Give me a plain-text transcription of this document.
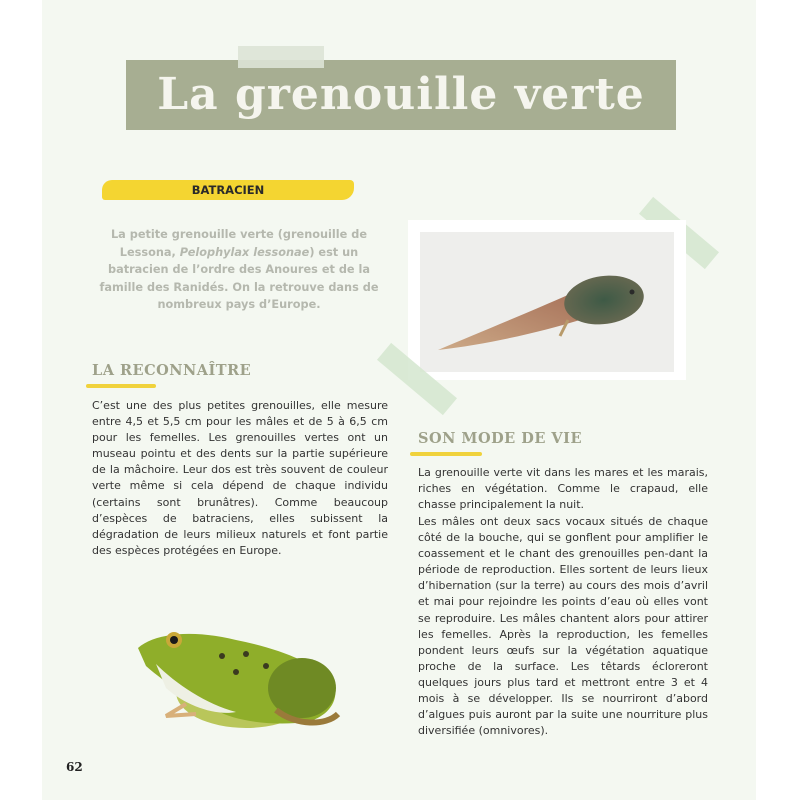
La grenouille verte
BATRACIEN
La petite grenouille verte (grenouille de Lessona, Pelophylax lessonae) est un batracien de l’ordre des Anoures et de la famille des Ranidés. On la retrouve dans de nombreux pays d’Europe.
LA RECONNAÎTRE
C’est une des plus petites grenouilles, elle mesure entre 4,5 et 5,5 cm pour les mâles et de 5 à 6,5 cm pour les femelles. Les grenouilles vertes ont un museau pointu et des dents sur la partie supérieure de la mâchoire. Leur dos est très souvent de couleur verte même si cela dépend de chaque individu (certains sont brunâtres). Comme beaucoup d’espèces de batraciens, elles subissent la dégradation de leurs milieux naturels et font partie des espèces protégées en Europe.
SON MODE DE VIE
La grenouille verte vit dans les mares et les marais, riches en végétation. Comme le crapaud, elle chasse principalement la nuit.
Les mâles ont deux sacs vocaux situés de chaque côté de la bouche, qui se gonflent pour amplifier le coassement et le chant des grenouilles pen-dant la période de reproduction. Elles sortent de leurs lieux d’hibernation (sur la terre) au cours des mois d’avril et mai pour rejoindre les points d’eau où elles vont se reproduire. Les mâles chantent alors pour attirer les femelles. Après la reproduction, les femelles pondent leurs œufs sur la végétation aquatique proche de la surface. Les têtards écloreront quelques jours plus tard et mettront entre 3 et 4 mois à se développer. Ils se nourriront d’abord d’algues puis auront par la suite une nourriture plus diversifiée (omnivores).
62
